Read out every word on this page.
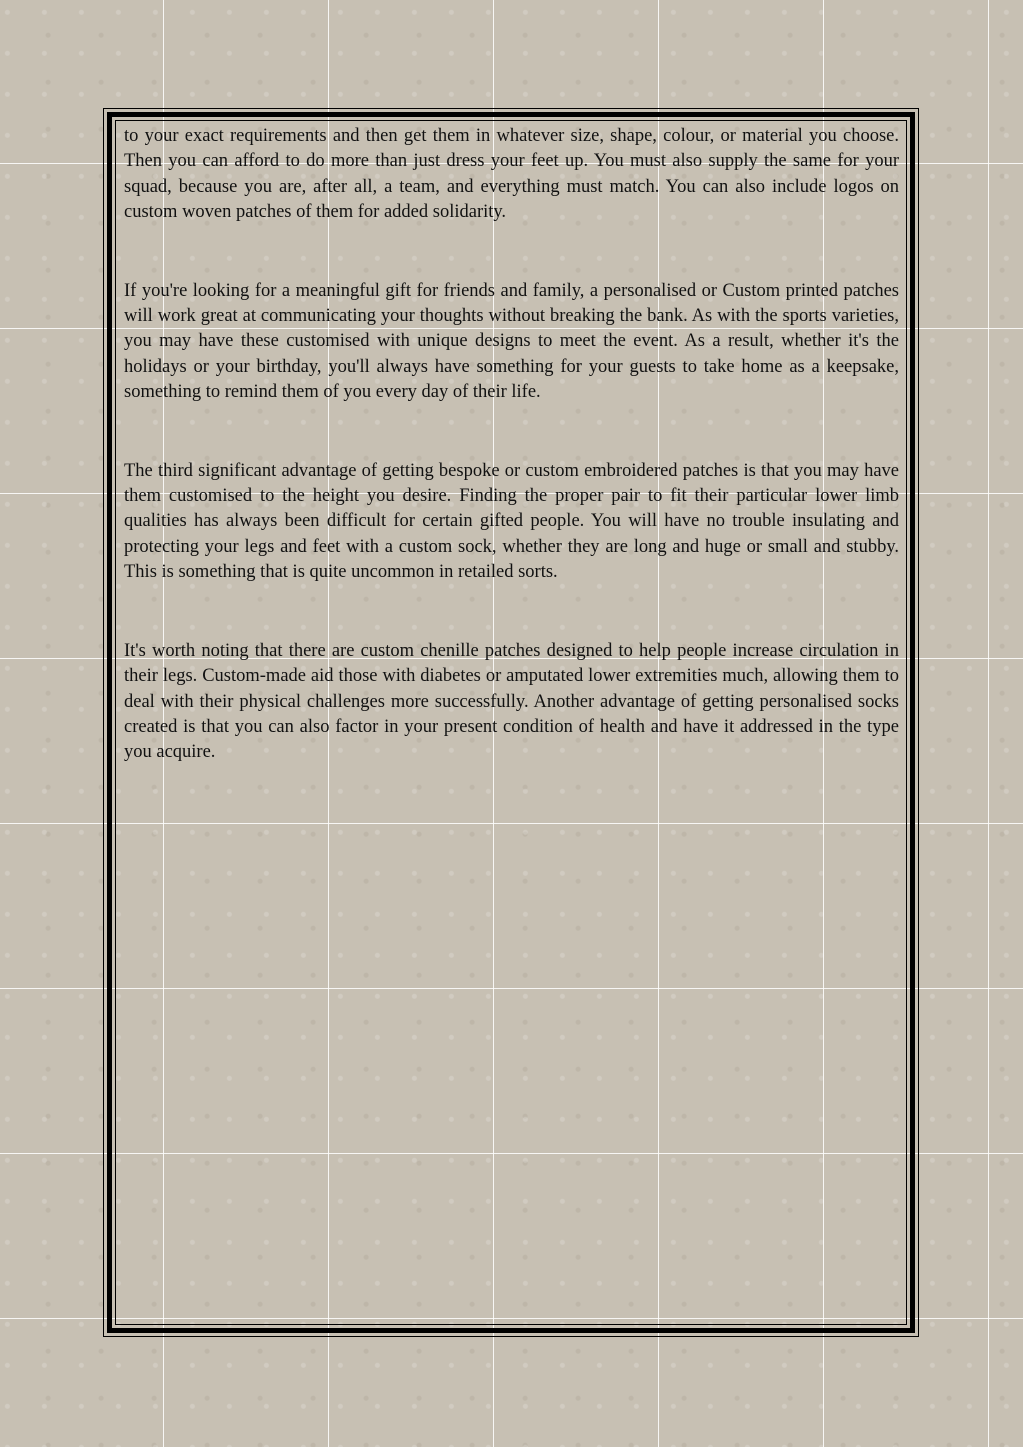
to your exact requirements and then get them in whatever size, shape, colour, or material you choose. Then you can afford to do more than just dress your feet up. You must also supply the same for your squad, because you are, after all, a team, and everything must match. You can also include logos on custom woven patches of them for added solidarity.

If you're looking for a meaningful gift for friends and family, a personalised or Custom printed patches will work great at communicating your thoughts without breaking the bank. As with the sports varieties, you may have these customised with unique designs to meet the event. As a result, whether it's the holidays or your birthday, you'll always have something for your guests to take home as a keepsake, something to remind them of you every day of their life.

The third significant advantage of getting bespoke or custom embroidered patches is that you may have them customised to the height you desire. Finding the proper pair to fit their particular lower limb qualities has always been difficult for certain gifted people. You will have no trouble insulating and protecting your legs and feet with a custom sock, whether they are long and huge or small and stubby. This is something that is quite uncommon in retailed sorts.

It's worth noting that there are custom chenille patches designed to help people increase circulation in their legs. Custom-made aid those with diabetes or amputated lower extremities much, allowing them to deal with their physical challenges more successfully. Another advantage of getting personalised socks created is that you can also factor in your present condition of health and have it addressed in the type you acquire.
